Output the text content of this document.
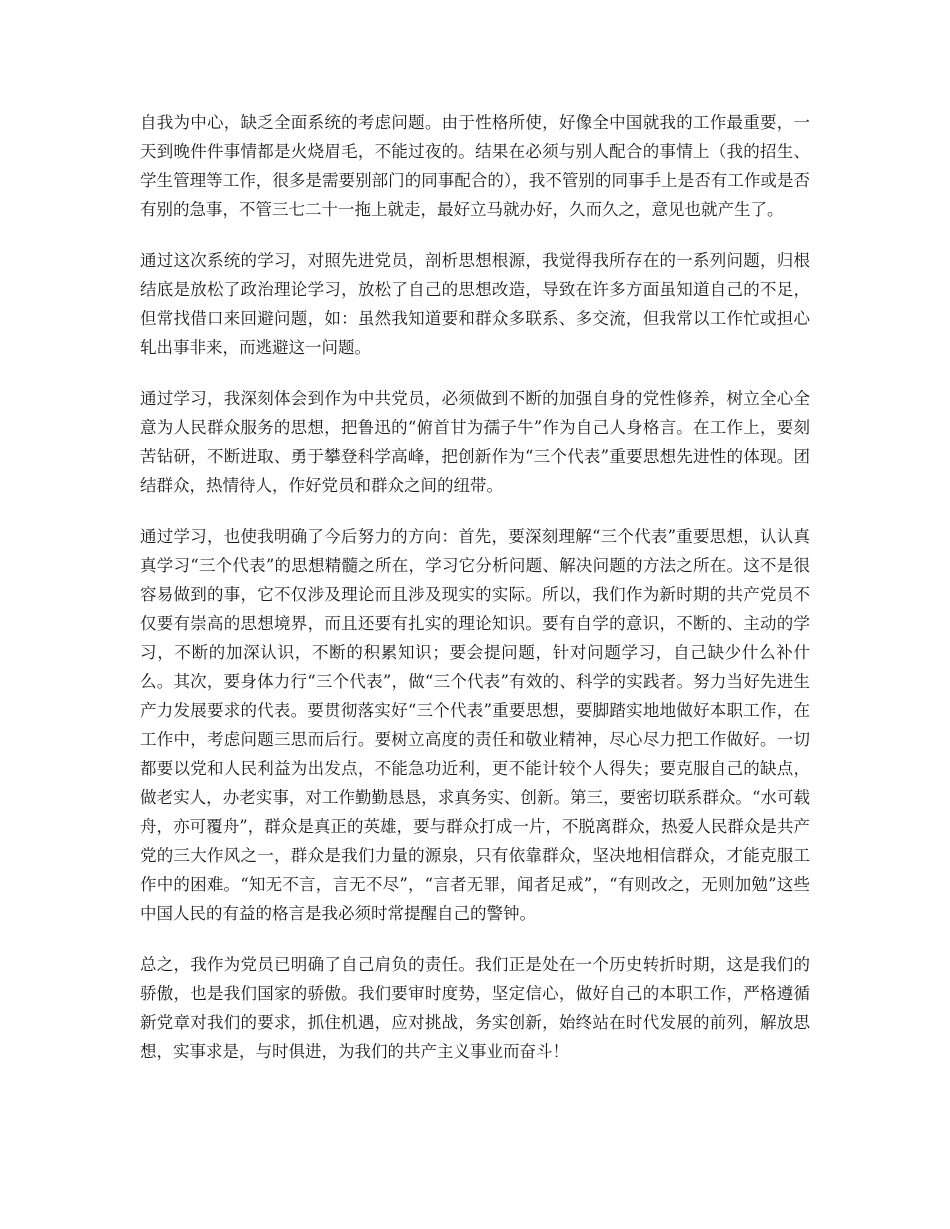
自我为中心，缺乏全面系统的考虑问题。由于性格所使，好像全中国就我的工作最重要，一天到晚件件事情都是火烧眉毛，不能过夜的。结果在必须与别人配合的事情上（我的招生、学生管理等工作，很多是需要别部门的同事配合的），我不管别的同事手上是否有工作或是否有别的急事，不管三七二十一拖上就走，最好立马就办好，久而久之，意见也就产生了。

通过这次系统的学习，对照先进党员，剖析思想根源，我觉得我所存在的一系列问题，归根结底是放松了政治理论学习，放松了自己的思想改造，导致在许多方面虽知道自己的不足，但常找借口来回避问题，如：虽然我知道要和群众多联系、多交流，但我常以工作忙或担心轧出事非来，而逃避这一问题。

通过学习，我深刻体会到作为中共党员，必须做到不断的加强自身的党性修养，树立全心全意为人民群众服务的思想，把鲁迅的“俯首甘为孺子牛”作为自己人身格言。在工作上，要刻苦钻研，不断进取、勇于攀登科学高峰，把创新作为“三个代表”重要思想先进性的体现。团结群众，热情待人，作好党员和群众之间的纽带。

通过学习，也使我明确了今后努力的方向：首先，要深刻理解“三个代表”重要思想，认认真真学习“三个代表”的思想精髓之所在，学习它分析问题、解决问题的方法之所在。这不是很容易做到的事，它不仅涉及理论而且涉及现实的实际。所以，我们作为新时期的共产党员不仅要有崇高的思想境界，而且还要有扎实的理论知识。要有自学的意识，不断的、主动的学习，不断的加深认识，不断的积累知识；要会提问题，针对问题学习，自己缺少什么补什么。其次，要身体力行“三个代表”，做“三个代表”有效的、科学的实践者。努力当好先进生产力发展要求的代表。要贯彻落实好“三个代表”重要思想，要脚踏实地地做好本职工作，在工作中，考虑问题三思而后行。要树立高度的责任和敬业精神，尽心尽力把工作做好。一切都要以党和人民利益为出发点，不能急功近利，更不能计较个人得失；要克服自己的缺点，做老实人，办老实事，对工作勤勤恳恳，求真务实、创新。第三，要密切联系群众。“水可载舟，亦可覆舟”，群众是真正的英雄，要与群众打成一片，不脱离群众，热爱人民群众是共产党的三大作风之一，群众是我们力量的源泉，只有依靠群众，坚决地相信群众，才能克服工作中的困难。“知无不言，言无不尽”，“言者无罪，闻者足戒”，“有则改之，无则加勉”这些中国人民的有益的格言是我必须时常提醒自己的警钟。

总之，我作为党员已明确了自己肩负的责任。我们正是处在一个历史转折时期，这是我们的骄傲，也是我们国家的骄傲。我们要审时度势，坚定信心，做好自己的本职工作，严格遵循新党章对我们的要求，抓住机遇，应对挑战，务实创新，始终站在时代发展的前列，解放思想，实事求是，与时俱进，为我们的共产主义事业而奋斗！
